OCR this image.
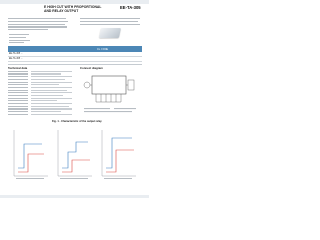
E HIGH CUT WITH PROPORTIONAL
AND RELAY OUTPUT
EE-TA-305
CL. FONE
EE-TA-305 ...
EE-TA-305 ...
Technical data	Connect diagram
Fig. 1 - Characteristic of the output relay
